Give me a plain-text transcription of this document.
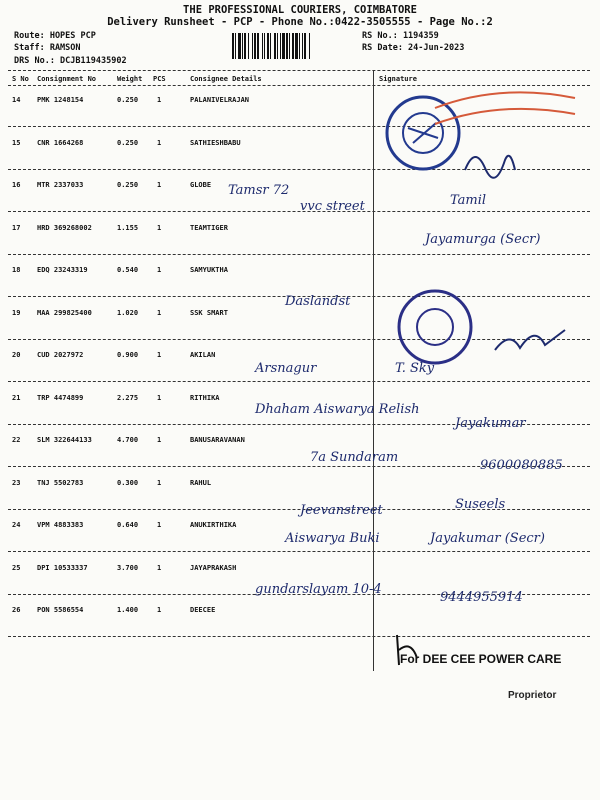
THE PROFESSIONAL COURIERS, COIMBATORE
Delivery Runsheet - PCP - Phone No.:0422-3505555 - Page No.:2
Route: HOPES PCP
Staff: RAMSON
DRS No.: DCJB119435902
RS No.: 1194359
RS Date: 24-Jun-2023
S No Consignment No	Weight PCS	Consignee Details	Signature
14 PMK 1248154	0.250	1	PALANIVELRAJAN
15 CNR 1664268	0.250	1	SATHIESHBABU
16 MTR 2337033	0.250	1	GLOBE
17 HRD 369268002	1.155	1	TEAMTIGER
18 EDQ 23243319	0.540	1	SAMYUKTHA
19 MAA 299825400	1.020	1	SSK SMART
20 CUD 2027972	0.900	1	AKILAN
21 TRP 4474899	2.275	1	RITHIKA
22 SLM 322644133	4.700	1	BANUSARAVANAN
23 TNJ 5502783	0.300	1	RAHUL
24 VPM 4883383	0.640	1	ANUKIRTHIKA
25 DPI 10533337	3.700	1	JAYAPRAKASH
26 PON 5586554	1.400	1	DEECEE
Tamsr 72
vvc street	Tamil
Jayamurga (Secr)
Daslandst
Arsnagur	T. Sky
Dhaham Aiswarya Relish
Jayakumar
7a Sundaram
9600080885
Jeevanstreet	Suseels
Aiswarya Buki	Jayakumar (Secr)
gundarslayam 10-4
9444955914
For DEE CEE POWER CARE
Proprietor
